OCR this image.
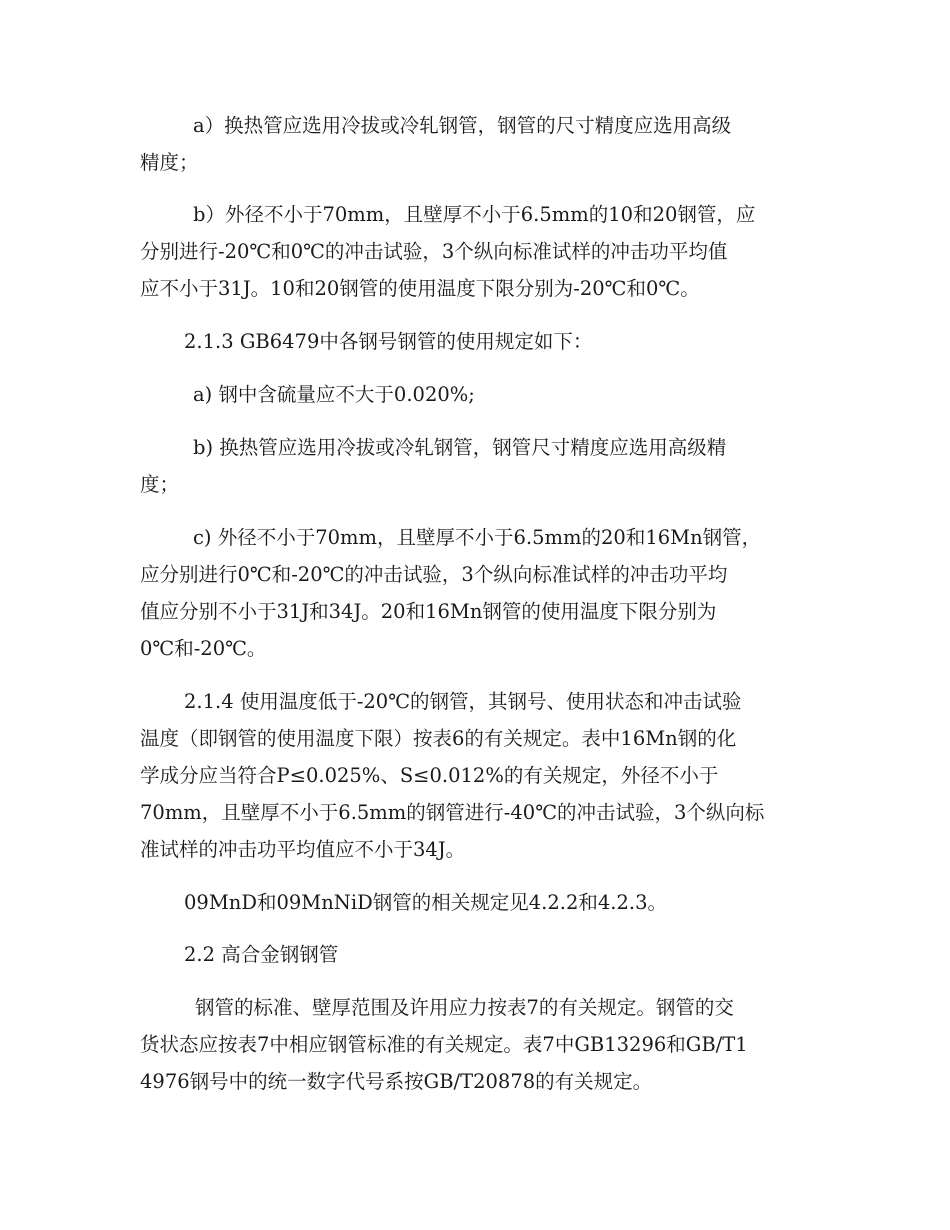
a）换热管应选用冷拔或冷轧钢管，钢管的尺寸精度应选用高级
精度；
b）外径不小于70mm，且壁厚不小于6.5mm的10和20钢管，应
分别进行-20℃和0℃的冲击试验，3个纵向标准试样的冲击功平均值
应不小于31J。10和20钢管的使用温度下限分别为-20℃和0℃。
2.1.3 GB6479中各钢号钢管的使用规定如下：
a) 钢中含硫量应不大于0.020%;
b) 换热管应选用冷拔或冷轧钢管，钢管尺寸精度应选用高级精
度；
c) 外径不小于70mm，且壁厚不小于6.5mm的20和16Mn钢管，
应分别进行0℃和-20℃的冲击试验，3个纵向标准试样的冲击功平均
值应分别不小于31J和34J。20和16Mn钢管的使用温度下限分别为
0℃和-20℃。
2.1.4 使用温度低于-20℃的钢管，其钢号、使用状态和冲击试验
温度（即钢管的使用温度下限）按表6的有关规定。表中16Mn钢的化
学成分应当符合P≤0.025%、S≤0.012%的有关规定，外径不小于
70mm，且壁厚不小于6.5mm的钢管进行-40℃的冲击试验，3个纵向标
准试样的冲击功平均值应不小于34J。
09MnD和09MnNiD钢管的相关规定见4.2.2和4.2.3。
2.2 高合金钢钢管
钢管的标准、壁厚范围及许用应力按表7的有关规定。钢管的交
货状态应按表7中相应钢管标准的有关规定。表7中GB13296和GB/T1
4976钢号中的统一数字代号系按GB/T20878的有关规定。
